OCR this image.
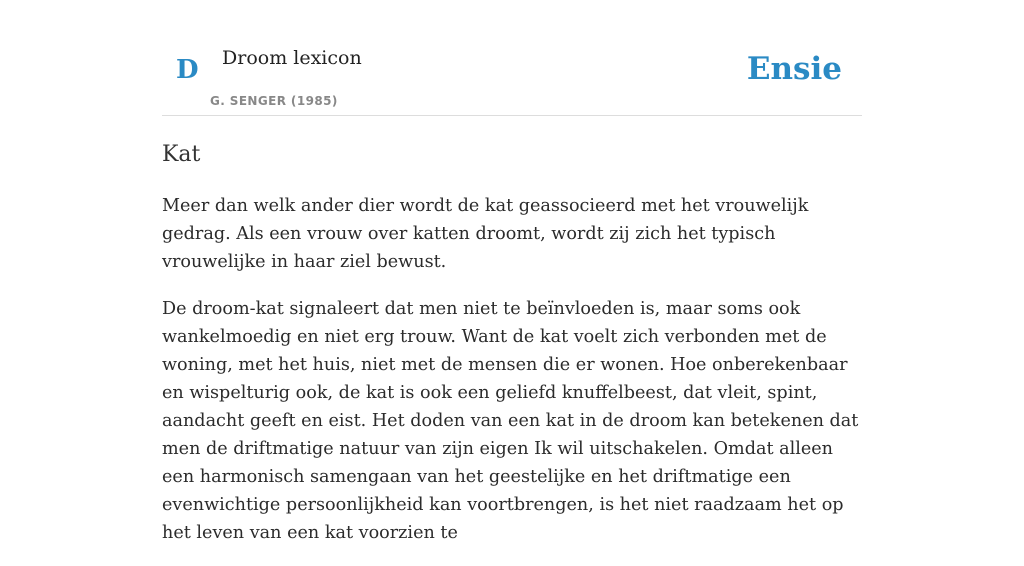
D Droom lexicon
G. SENGER (1985)
Ensie
Kat

Meer dan welk ander dier wordt de kat geassocieerd met het vrouwelijk gedrag. Als een vrouw over katten droomt, wordt zij zich het typisch vrouwelijke in haar ziel bewust.

De droom-kat signaleert dat men niet te beïnvloeden is, maar soms ook wankelmoedig en niet erg trouw. Want de kat voelt zich verbonden met de woning, met het huis, niet met de mensen die er wonen. Hoe onberekenbaar en wispelturig ook, de kat is ook een geliefd knuffelbeest, dat vleit, spint, aandacht geeft en eist. Het doden van een kat in de droom kan betekenen dat men de driftmatige natuur van zijn eigen Ik wil uitschakelen. Omdat alleen een harmonisch samengaan van het geestelijke en het driftmatige een evenwichtige persoonlijkheid kan voortbrengen, is het niet raadzaam het op het leven van een kat voorzien te
